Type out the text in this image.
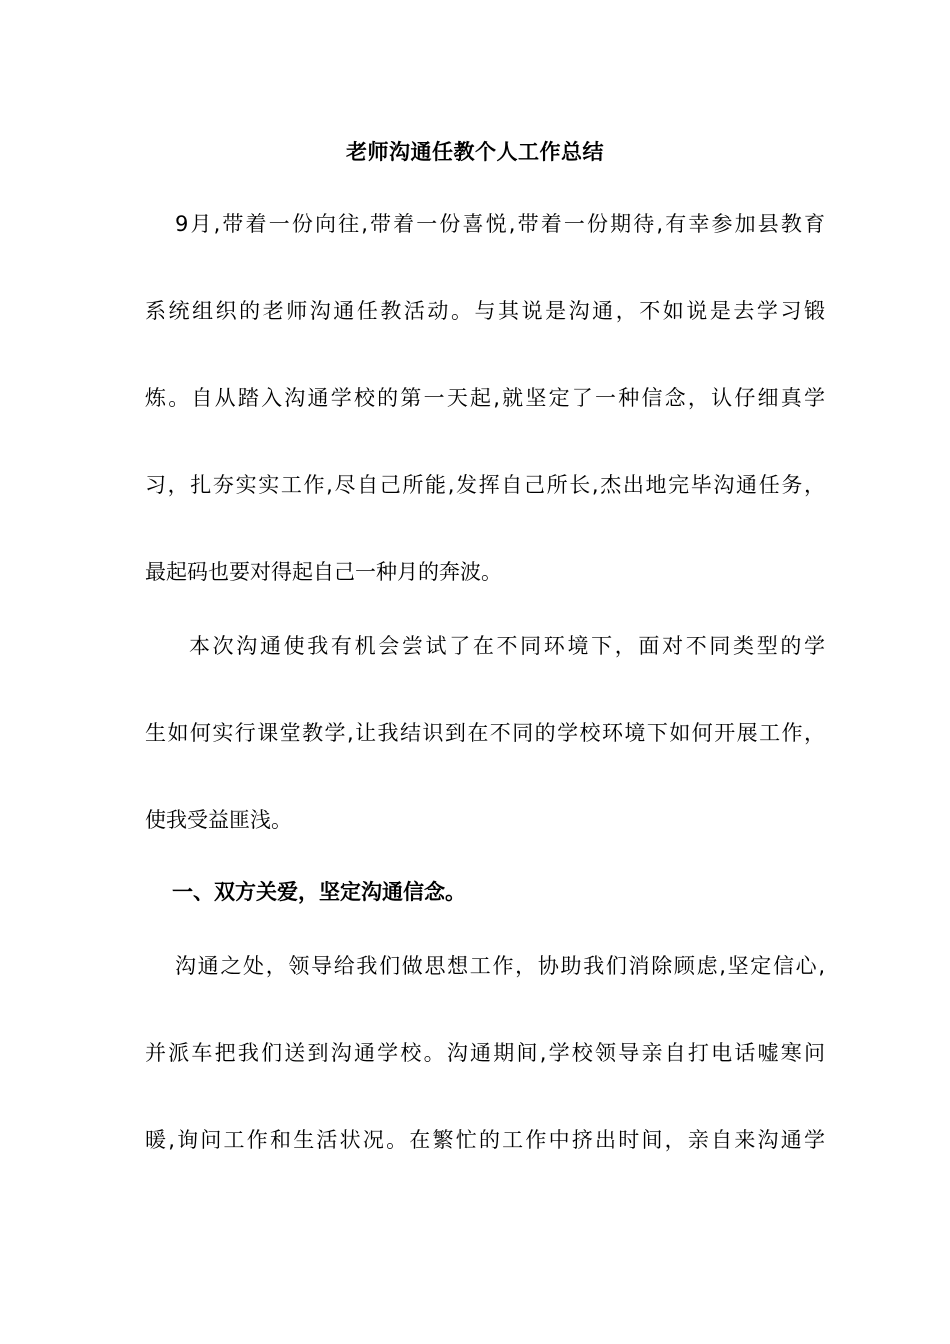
老师沟通任教个人工作总结
9月,带着一份向往,带着一份喜悦,带着一份期待,有幸参加县教育
系统组织的老师沟通任教活动。与其说是沟通，不如说是去学习锻
炼。自从踏入沟通学校的第一天起,就坚定了一种信念，认仔细真学
习，扎夯实实工作,尽自己所能,发挥自己所长,杰出地完毕沟通任务，
最起码也要对得起自己一种月的奔波。
本次沟通使我有机会尝试了在不同环境下，面对不同类型的学
生如何实行课堂教学,让我结识到在不同的学校环境下如何开展工作，
使我受益匪浅。
一、双方关爱，坚定沟通信念。
沟通之处，领导给我们做思想工作，协助我们消除顾虑,坚定信心,
并派车把我们送到沟通学校。沟通期间,学校领导亲自打电话嘘寒问
暖,询问工作和生活状况。在繁忙的工作中挤出时间，亲自来沟通学
